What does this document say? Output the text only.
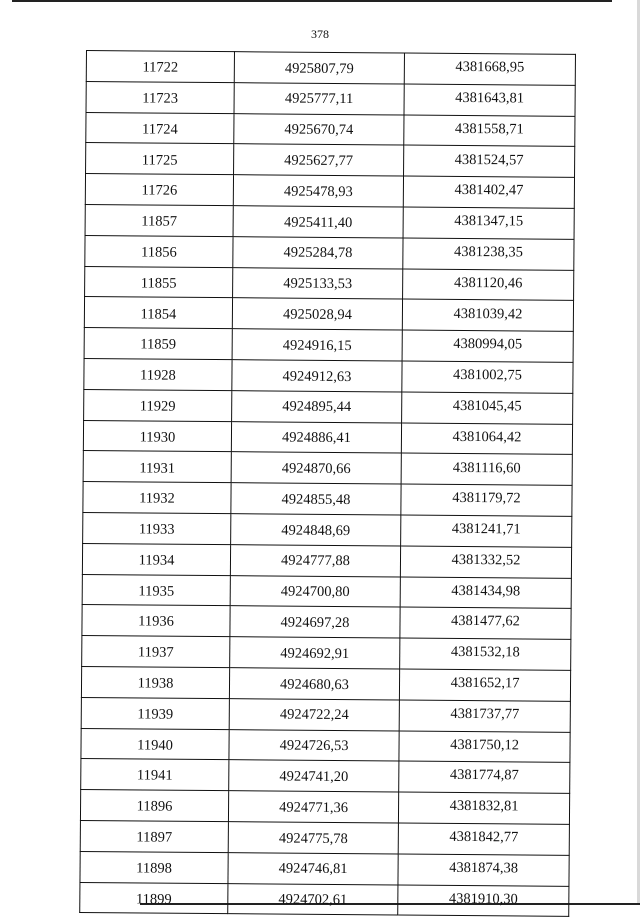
378
11722	4925807,79	4381668,95
11723	4925777,11	4381643,81
11724	4925670,74	4381558,71
11725	4925627,77	4381524,57
11726	4925478,93	4381402,47
11857	4925411,40	4381347,15
11856	4925284,78	4381238,35
11855	4925133,53	4381120,46
11854	4925028,94	4381039,42
11859	4924916,15	4380994,05
11928	4924912,63	4381002,75
11929	4924895,44	4381045,45
11930	4924886,41	4381064,42
11931	4924870,66	4381116,60
11932	4924855,48	4381179,72
11933	4924848,69	4381241,71
11934	4924777,88	4381332,52
11935	4924700,80	4381434,98
11936	4924697,28	4381477,62
11937	4924692,91	4381532,18
11938	4924680,63	4381652,17
11939	4924722,24	4381737,77
11940	4924726,53	4381750,12
11941	4924741,20	4381774,87
11896	4924771,36	4381832,81
11897	4924775,78	4381842,77
11898	4924746,81	4381874,38
11899	4924702,61	4381910,30
